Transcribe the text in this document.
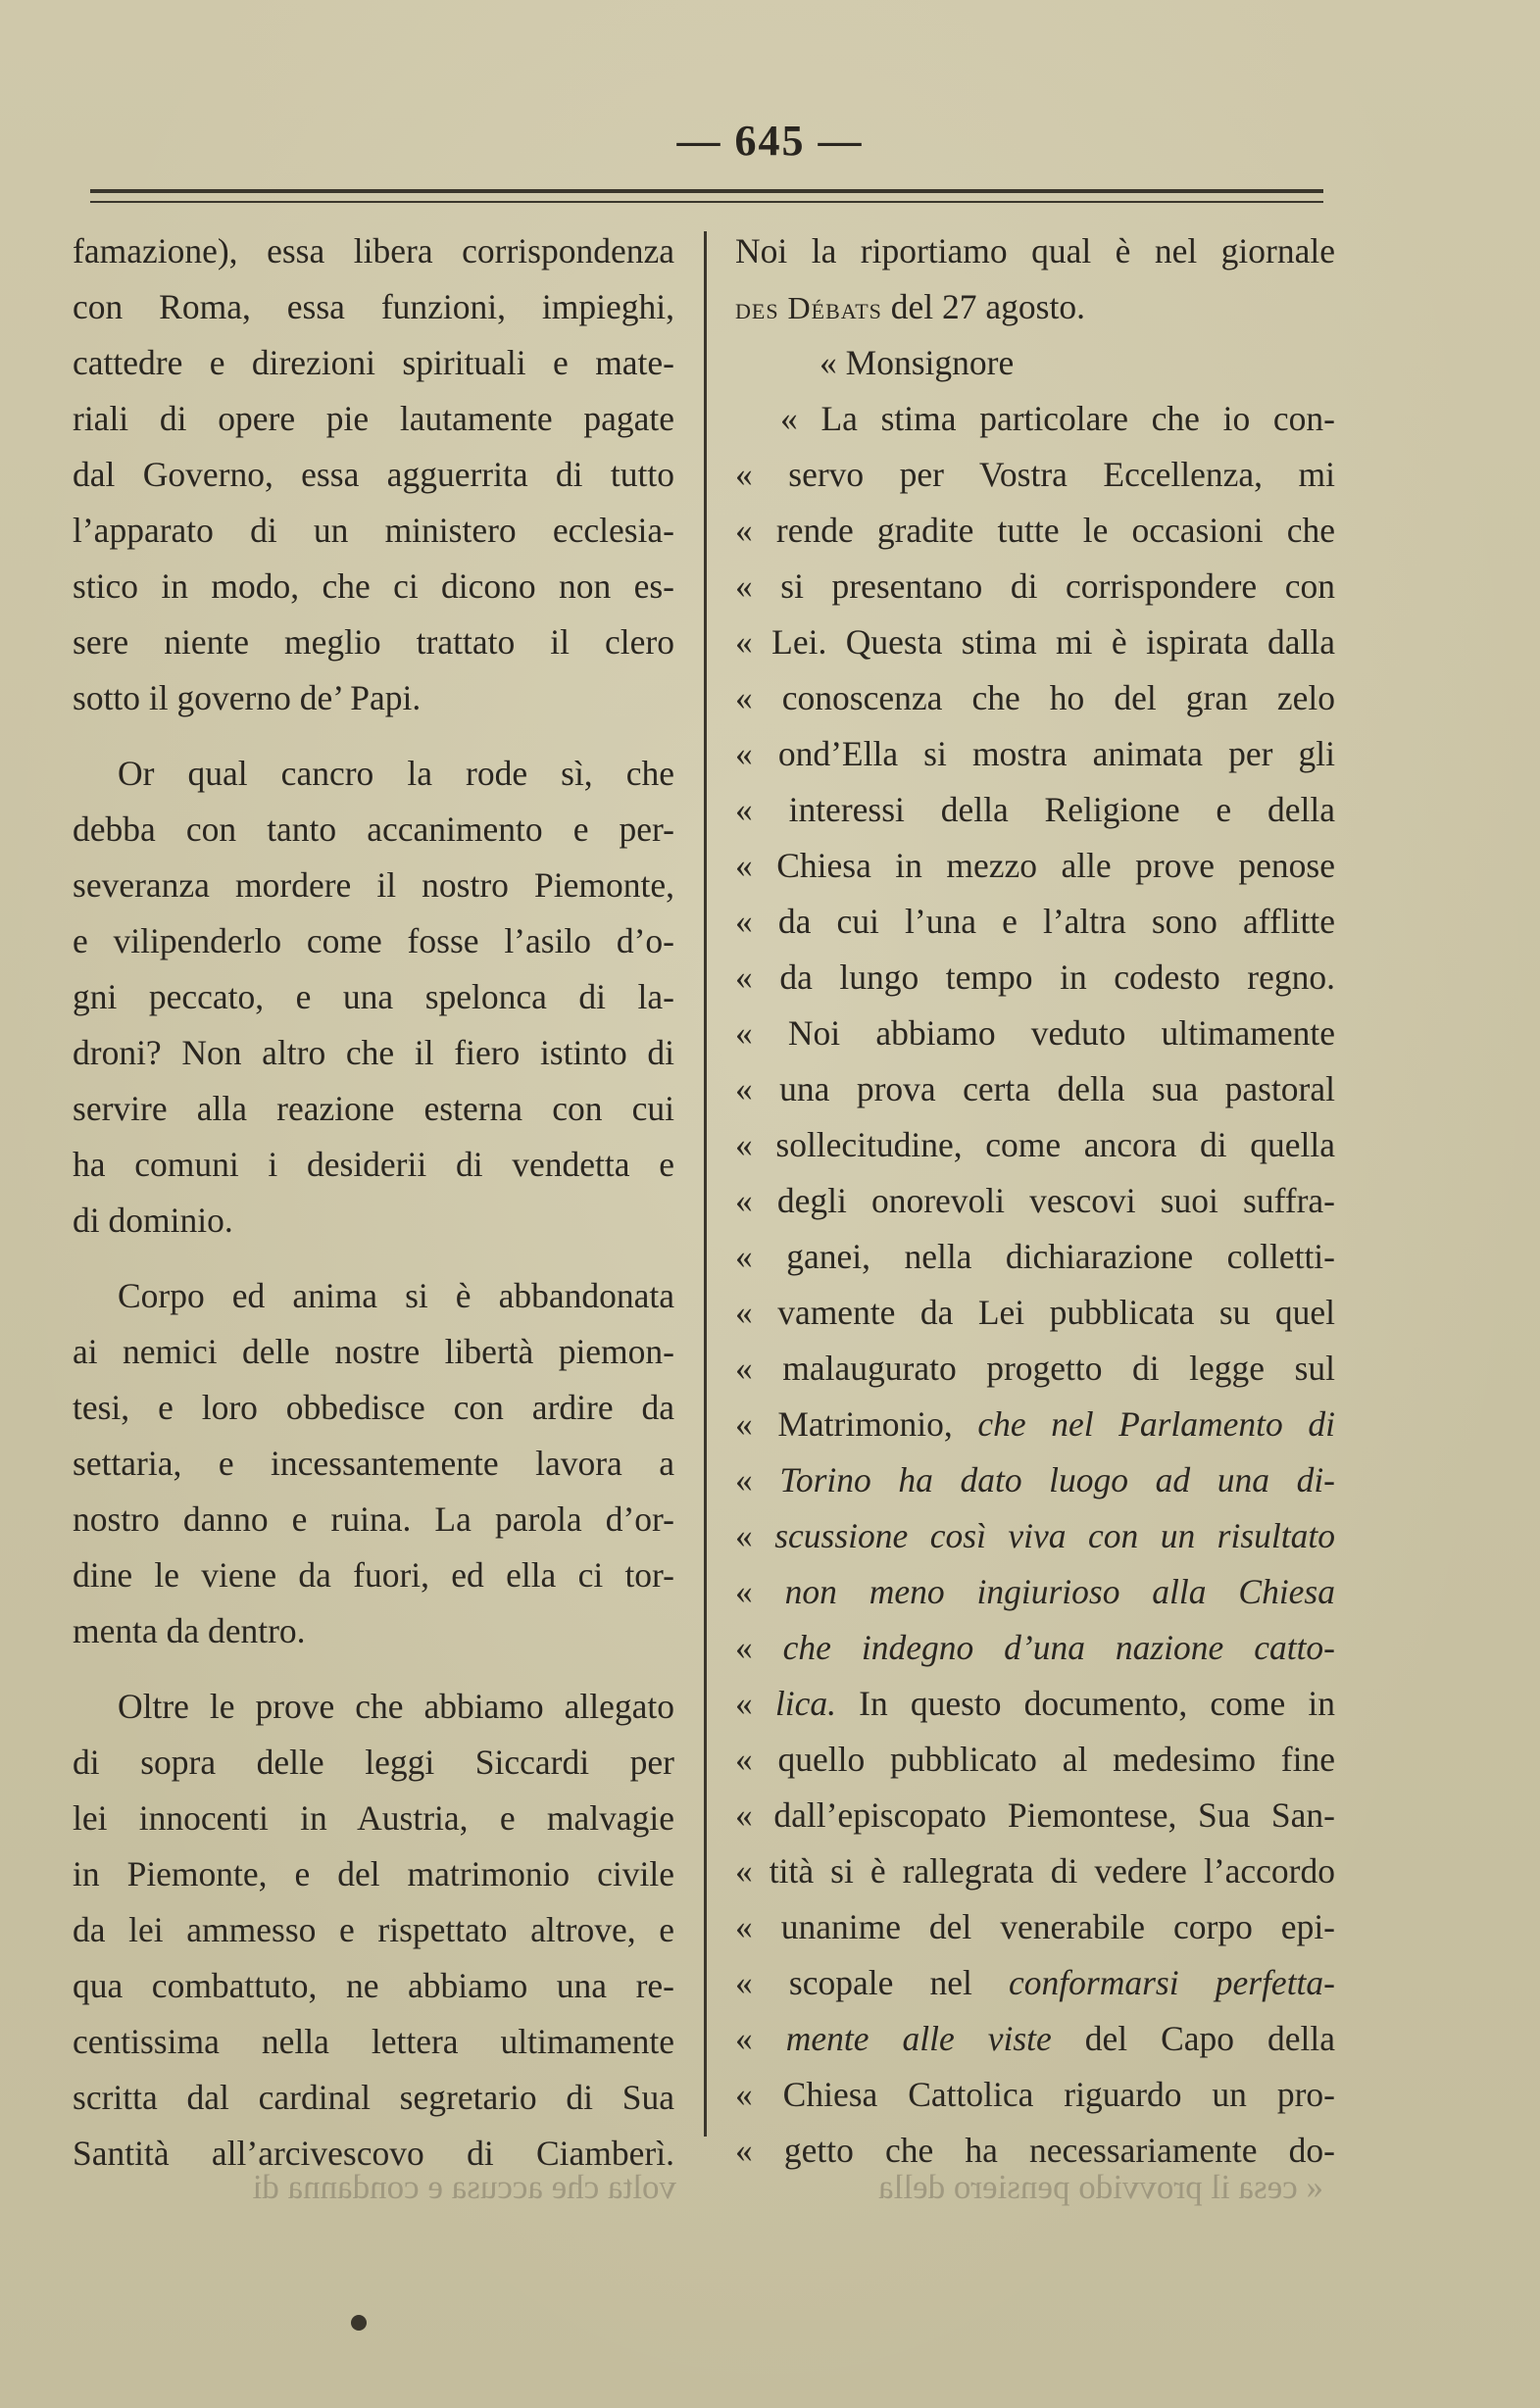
— 645 —
famazione), essa libera corrispondenza
con Roma, essa funzioni, impieghi,
cattedre e direzioni spirituali e mate-
riali di opere pie lautamente pagate
dal Governo, essa agguerrita di tutto
l’apparato di un ministero ecclesia-
stico in modo, che ci dicono non es-
sere niente meglio trattato il clero
sotto il governo de’ Papi.
Or qual cancro la rode sì, che
debba con tanto accanimento e per-
severanza mordere il nostro Piemonte,
e vilipenderlo come fosse l’asilo d’o-
gni peccato, e una spelonca di la-
droni? Non altro che il fiero istinto di
servire alla reazione esterna con cui
ha comuni i desiderii di vendetta e
di dominio.
Corpo ed anima si è abbandonata
ai nemici delle nostre libertà piemon-
tesi, e loro obbedisce con ardire da
settaria, e incessantemente lavora a
nostro danno e ruina. La parola d’or-
dine le viene da fuori, ed ella ci tor-
menta da dentro.
Oltre le prove che abbiamo allegato
di sopra delle leggi Siccardi per
lei innocenti in Austria, e malvagie
in Piemonte, e del matrimonio civile
da lei ammesso e rispettato altrove, e
qua combattuto, ne abbiamo una re-
centissima nella lettera ultimamente
scritta dal cardinal segretario di Sua
Santità all’arcivescovo di Ciamberì.
Noi la riportiamo qual è nel giornale
des Débats del 27 agosto.
« Monsignore
« La stima particolare che io con-
« servo per Vostra Eccellenza, mi
« rende gradite tutte le occasioni che
« si presentano di corrispondere con
« Lei. Questa stima mi è ispirata dalla
« conoscenza che ho del gran zelo
« ond’Ella si mostra animata per gli
« interessi della Religione e della
« Chiesa in mezzo alle prove penose
« da cui l’una e l’altra sono afflitte
« da lungo tempo in codesto regno.
« Noi abbiamo veduto ultimamente
« una prova certa della sua pastoral
« sollecitudine, come ancora di quella
« degli onorevoli vescovi suoi suffra-
« ganei, nella dichiarazione colletti-
« vamente da Lei pubblicata su quel
« malaugurato progetto di legge sul
« Matrimonio, che nel Parlamento di
« Torino ha dato luogo ad una di-
« scussione così viva con un risultato
« non meno ingiurioso alla Chiesa
« che indegno d’una nazione catto-
« lica. In questo documento, come in
« quello pubblicato al medesimo fine
« dall’episcopato Piemontese, Sua San-
« tità si è rallegrata di vedere l’accordo
« unanime del venerabile corpo epi-
« scopale nel conformarsi perfetta-
« mente alle viste del Capo della
« Chiesa Cattolica riguardo un pro-
« getto che ha necessariamente do-
volta che accusa e condanna di	« cesa il provvido pensiero della
